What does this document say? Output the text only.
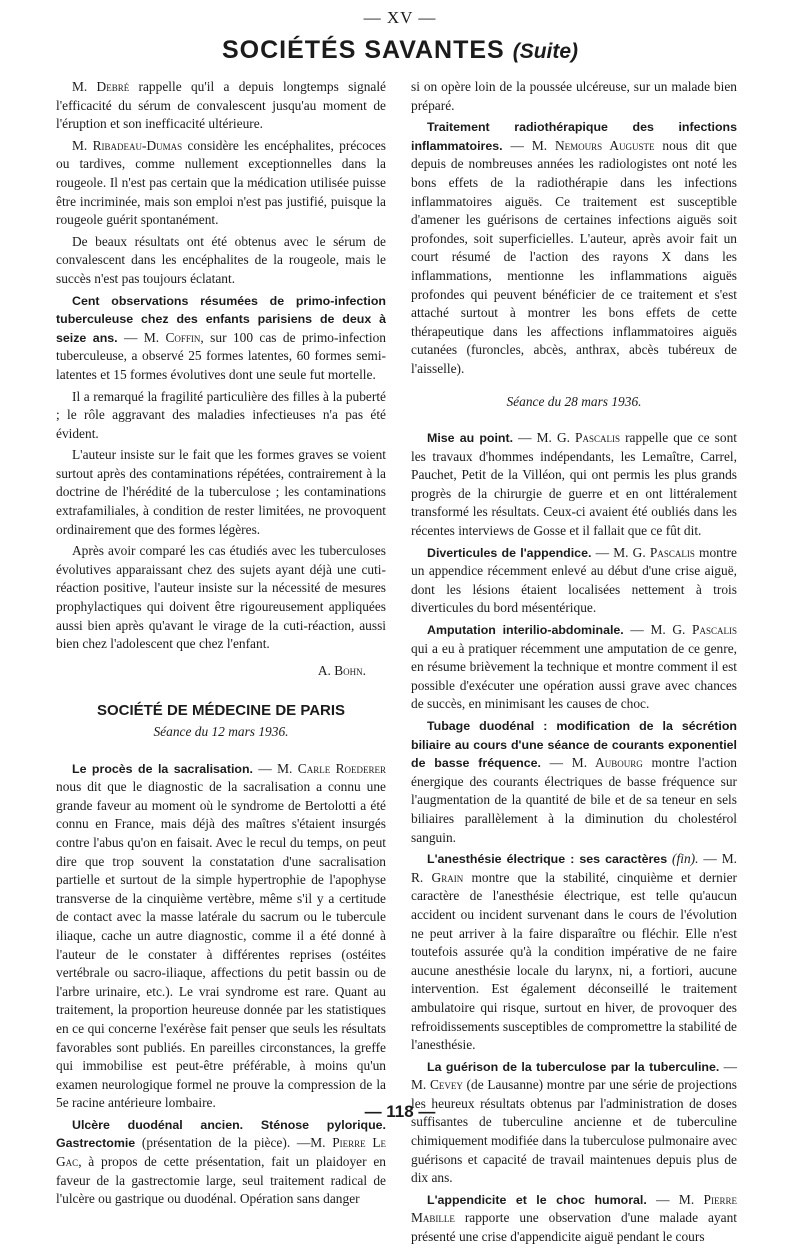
— XV —
SOCIÉTÉS SAVANTES (Suite)

M. Debré rappelle qu'il a depuis longtemps signalé l'efficacité du sérum de convalescent jusqu'au moment de l'éruption et son inefficacité ultérieure.

M. Ribadeau-Dumas considère les encéphalites, précoces ou tardives, comme nullement exceptionnelles dans la rougeole. Il n'est pas certain que la médication utilisée puisse être incriminée, mais son emploi n'est pas justifié, puisque la rougeole guérit spontanément.

De beaux résultats ont été obtenus avec le sérum de convalescent dans les encéphalites de la rougeole, mais le succès n'est pas toujours éclatant.

Cent observations résumées de primo-infection tuberculeuse chez des enfants parisiens de deux à seize ans. — M. Coffin, sur 100 cas de primo-infection tuberculeuse, a observé 25 formes latentes, 60 formes semi-latentes et 15 formes évolutives dont une seule fut mortelle.

Il a remarqué la fragilité particulière des filles à la puberté ; le rôle aggravant des maladies infectieuses n'a pas été évident.

L'auteur insiste sur le fait que les formes graves se voient surtout après des contaminations répétées, contrairement à la doctrine de l'hérédité de la tuberculose ; les contaminations extrafamiliales, à condition de rester limitées, ne provoquent ordinairement que des formes légères.

Après avoir comparé les cas étudiés avec les tuberculoses évolutives apparaissant chez des sujets ayant déjà une cuti-réaction positive, l'auteur insiste sur la nécessité de mesures prophylactiques qui doivent être rigoureusement appliquées aussi bien après qu'avant le virage de la cuti-réaction, aussi bien chez l'adolescent que chez l'enfant.

A. Bohn.

SOCIÉTÉ DE MÉDECINE DE PARIS

Séance du 12 mars 1936.

Le procès de la sacralisation. — M. Carle Roederer nous dit que le diagnostic de la sacralisation a connu une grande faveur au moment où le syndrome de Bertolotti a été connu en France, mais déjà des maîtres s'étaient insurgés contre l'abus qu'on en faisait. Avec le recul du temps, on peut dire que trop souvent la constatation d'une sacralisation partielle et surtout de la simple hypertrophie de l'apophyse transverse de la cinquième vertèbre, même s'il y a certitude de contact avec la masse latérale du sacrum ou le tubercule iliaque, cache un autre diagnostic, comme il a été donné à l'auteur de le constater à différentes reprises (ostéites vertébrale ou sacro-iliaque, affections du petit bassin ou de l'arbre urinaire, etc.). Le vrai syndrome est rare. Quant au traitement, la proportion heureuse donnée par les statistiques en ce qui concerne l'exérèse fait penser que seuls les résultats favorables sont publiés. En pareilles circonstances, la greffe qui immobilise est peut-être préférable, à moins qu'un examen neurologique formel ne prouve la compression de la 5e racine antérieure lombaire.

Ulcère duodénal ancien. Sténose pylorique. Gastrectomie (présentation de la pièce). —M. Pierre Le Gac, à propos de cette présentation, fait un plaidoyer en faveur de la gastrectomie large, seul traitement radical de l'ulcère ou gastrique ou duodénal. Opération sans danger

si on opère loin de la poussée ulcéreuse, sur un malade bien préparé.

Traitement radiothérapique des infections inflammatoires. — M. Nemours Auguste nous dit que depuis de nombreuses années les radiologistes ont noté les bons effets de la radiothérapie dans les infections inflammatoires aiguës. Ce traitement est susceptible d'amener les guérisons de certaines infections aiguës soit profondes, soit superficielles. L'auteur, après avoir fait un court résumé de l'action des rayons X dans les inflammations, mentionne les inflammations aiguës profondes qui peuvent bénéficier de ce traitement et s'est attaché surtout à montrer les bons effets de cette thérapeutique dans les affections inflammatoires aiguës cutanées (furoncles, abcès, anthrax, abcès tubéreux de l'aisselle).

Séance du 28 mars 1936.

Mise au point. — M. G. Pascalis rappelle que ce sont les travaux d'hommes indépendants, les Lemaître, Carrel, Pauchet, Petit de la Villéon, qui ont permis les plus grands progrès de la chirurgie de guerre et en ont littéralement transformé les résultats. Ceux-ci avaient été oubliés dans les récentes interviews de Gosse et il fallait que ce fût dit.

Diverticules de l'appendice. — M. G. Pascalis montre un appendice récemment enlevé au début d'une crise aiguë, dont les lésions étaient localisées nettement à trois diverticules du bord mésentérique.

Amputation interilio-abdominale. — M. G. Pascalis qui a eu à pratiquer récemment une amputation de ce genre, en résume brièvement la technique et montre comment il est possible d'exécuter une opération aussi grave avec chances de succès, en minimisant les causes de choc.

Tubage duodénal : modification de la sécrétion biliaire au cours d'une séance de courants exponentiel de basse fréquence. — M. Aubourg montre l'action énergique des courants électriques de basse fréquence sur l'augmentation de la quantité de bile et de sa teneur en sels biliaires parallèlement à la diminution du cholestérol sanguin.

L'anesthésie électrique : ses caractères (fin). — M. R. Grain montre que la stabilité, cinquième et dernier caractère de l'anesthésie électrique, est telle qu'aucun accident ou incident survenant dans le cours de l'évolution ne peut arriver à la faire disparaître ou fléchir. Elle n'est toutefois assurée qu'à la condition impérative de ne faire aucune anesthésie locale du larynx, ni, a fortiori, aucune intervention. Est également déconseillé le traitement ambulatoire qui risque, surtout en hiver, de provoquer des refroidissements susceptibles de compromettre la stabilité de l'anesthésie.

La guérison de la tuberculose par la tuberculine. — M. Cevey (de Lausanne) montre par une série de projections les heureux résultats obtenus par l'administration de doses suffisantes de tuberculine ancienne et de tuberculine chimiquement modifiée dans la tuberculose pulmonaire avec guérisons et capacité de travail maintenues depuis plus de dix ans.

L'appendicite et le choc humoral. — M. Pierre Mabille rapporte une observation d'une malade ayant présenté une crise d'appendicite aiguë pendant le cours

— 118 —
